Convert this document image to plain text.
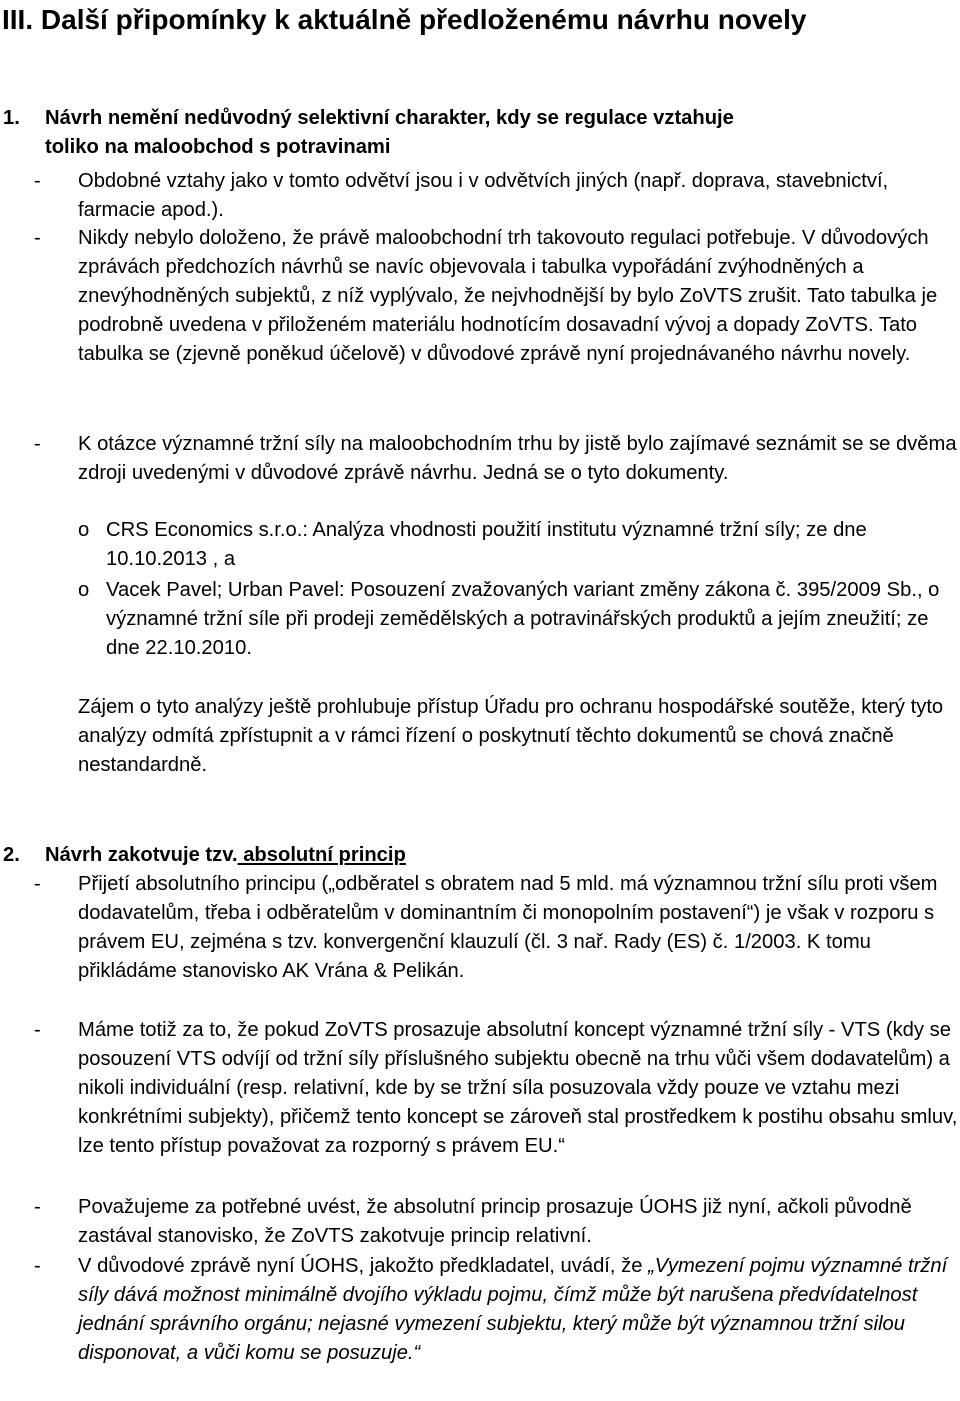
III. Další připomínky k aktuálně předloženému návrhu novely
1. Návrh nemění nedůvodný selektivní charakter, kdy se regulace vztahuje
toliko na maloobchod s potravinami
- Obdobné vztahy jako v tomto odvětví jsou i v odvětvích jiných (např. doprava, stavebnictví, farmacie apod.).
- Nikdy nebylo doloženo, že právě maloobchodní trh takovouto regulaci potřebuje. V důvodových zprávách předchozích návrhů se navíc objevovala i tabulka vypořádání zvýhodněných a znevýhodněných subjektů, z níž vyplývalo, že nejvhodnější by bylo ZoVTS zrušit. Tato tabulka je podrobně uvedena v přiloženém materiálu hodnotícím dosavadní vývoj a dopady ZoVTS. Tato tabulka se (zjevně poněkud účelově) v důvodové zprávě nyní projednávaného návrhu novely.
- K otázce významné tržní síly na maloobchodním trhu by jistě bylo zajímavé seznámit se se dvěma zdroji uvedenými v důvodové zprávě návrhu. Jedná se o tyto dokumenty.
o CRS Economics s.r.o.: Analýza vhodnosti použití institutu významné tržní síly; ze dne 10.10.2013 , a
o Vacek Pavel; Urban Pavel: Posouzení zvažovaných variant změny zákona č. 395/2009 Sb., o významné tržní síle při prodeji zemědělských a potravinářských produktů a jejím zneužití; ze dne 22.10.2010.
Zájem o tyto analýzy ještě prohlubuje přístup Úřadu pro ochranu hospodářské soutěže, který tyto analýzy odmítá zpřístupnit a v rámci řízení o poskytnutí těchto dokumentů se chová značně nestandardně.
2. Návrh zakotvuje tzv. absolutní princip
- Přijetí absolutního principu („odběratel s obratem nad 5 mld. má významnou tržní sílu proti všem dodavatelům, třeba i odběratelům v dominantním či monopolním postavení“) je však v rozporu s právem EU, zejména s tzv. konvergenční klauzulí (čl. 3 nař. Rady (ES) č. 1/2003. K tomu přikládáme stanovisko AK Vrána & Pelikán.
- Máme totiž za to, že pokud ZoVTS prosazuje absolutní koncept významné tržní síly - VTS (kdy se posouzení VTS odvíjí od tržní síly příslušného subjektu obecně na trhu vůči všem dodavatelům) a nikoli individuální (resp. relativní, kde by se tržní síla posuzovala vždy pouze ve vztahu mezi konkrétními subjekty), přičemž tento koncept se zároveň stal prostředkem k postihu obsahu smluv, lze tento přístup považovat za rozporný s právem EU.“
- Považujeme za potřebné uvést, že absolutní princip prosazuje ÚOHS již nyní, ačkoli původně zastával stanovisko, že ZoVTS zakotvuje princip relativní.
- V důvodové zprávě nyní ÚOHS, jakožto předkladatel, uvádí, že „Vymezení pojmu významné tržní síly dává možnost minimálně dvojího výkladu pojmu, čímž může být narušena předvídatelnost jednání správního orgánu; nejasné vymezení subjektu, který může být významnou tržní silou disponovat, a vůči komu se posuzuje.“
